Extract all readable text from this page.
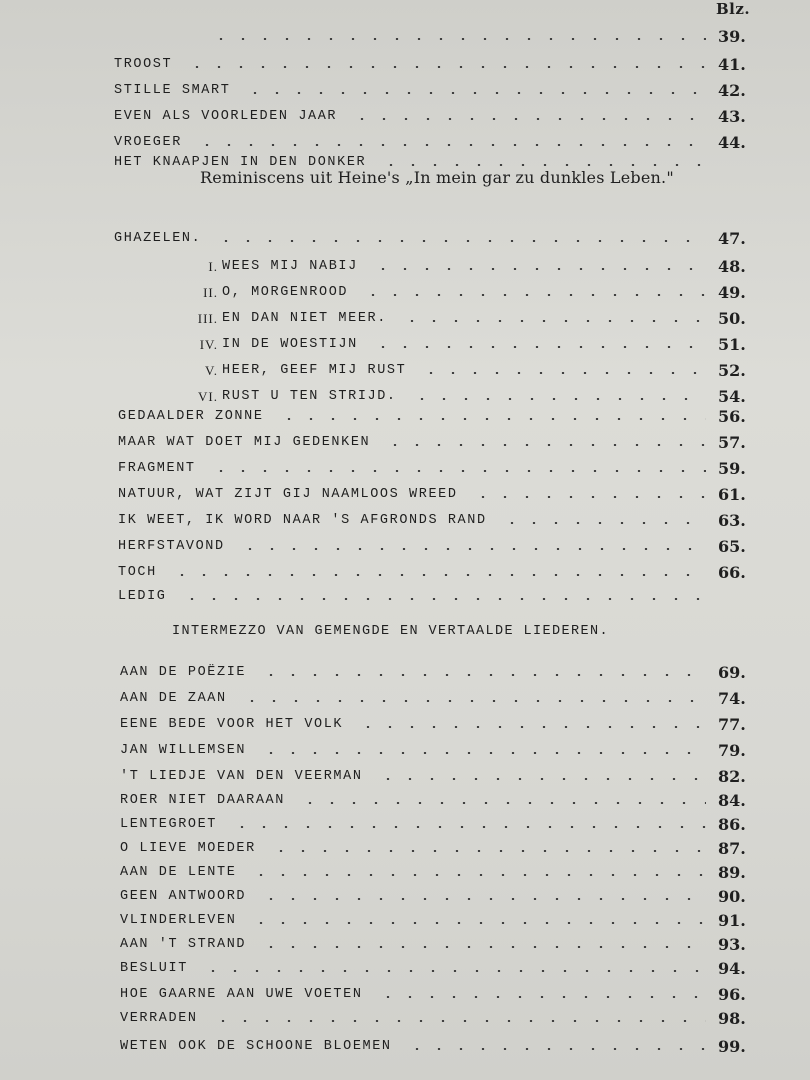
Blz.
39.
TROOST	41.
STILLE SMART	42.
EVEN ALS VOORLEDEN JAAR	43.
VROEGER	44.
HET KNAAPJEN IN DEN DONKER
GHAZELEN.	47.
I. WEES MIJ NABIJ	48.
II. O, MORGENROOD	49.
III. EN DAN NIET MEER.	50.
IV. IN DE WOESTIJN	51.
V. HEER, GEEF MIJ RUST	52.
VI. RUST U TEN STRIJD.	54.
GEDAALDER ZONNE	56.
MAAR WAT DOET MIJ GEDENKEN	57.
FRAGMENT	59.
NATUUR, WAT ZIJT GIJ NAAMLOOS WREED	61.
IK WEET, IK WORD NAAR 'S AFGRONDS RAND	63.
HERFSTAVOND	65.
TOCH	66.
LEDIG
AAN DE POËZIE	69.
AAN DE ZAAN	74.
EENE BEDE VOOR HET VOLK	77.
JAN WILLEMSEN	79.
'T LIEDJE VAN DEN VEERMAN	82.
ROER NIET DAARAAN	84.
LENTEGROET	86.
O LIEVE MOEDER	87.
AAN DE LENTE	89.
GEEN ANTWOORD	90.
VLINDERLEVEN	91.
AAN 'T STRAND	93.
BESLUIT	94.
HOE GAARNE AAN UWE VOETEN	96.
VERRADEN	98.
WETEN OOK DE SCHOONE BLOEMEN	99.
Reminiscens uit Heine's „In mein gar zu dunkles Leben."
INTERMEZZO VAN GEMENGDE EN VERTAALDE LIEDEREN.
